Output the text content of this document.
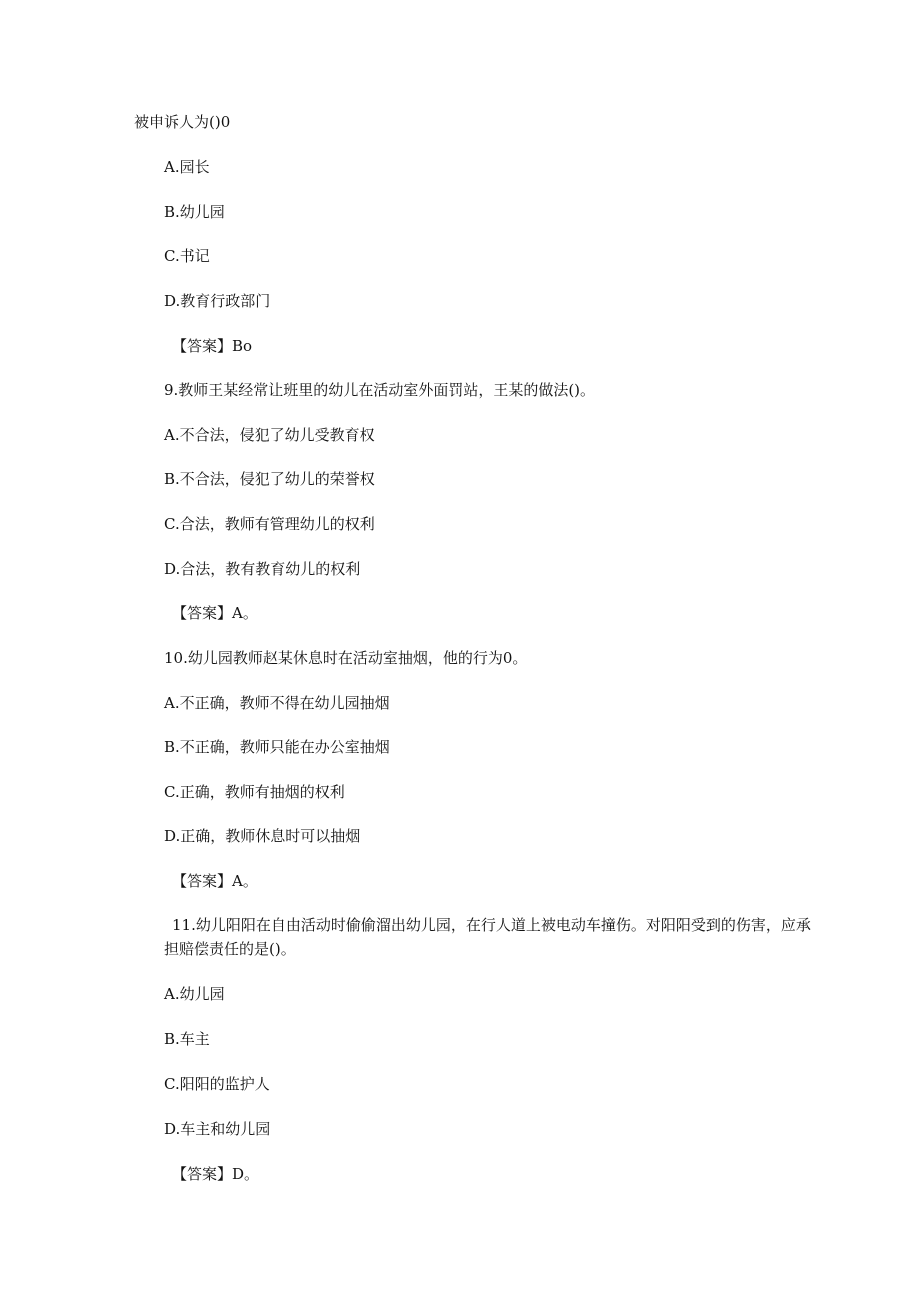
被申诉人为()0
A.园长
B.幼儿园
C.书记
D.教育行政部门
【答案】Bo
9.教师王某经常让班里的幼儿在活动室外面罚站，王某的做法()。
A.不合法，侵犯了幼儿受教育权
B.不合法，侵犯了幼儿的荣誉权
C.合法，教师有管理幼儿的权利
D.合法，教有教育幼儿的权利
【答案】A。
10.幼儿园教师赵某休息时在活动室抽烟，他的行为0。
A.不正确，教师不得在幼儿园抽烟
B.不正确，教师只能在办公室抽烟
C.正确，教师有抽烟的权利
D.正确，教师休息时可以抽烟
【答案】A。
11.幼儿阳阳在自由活动时偷偷溜出幼儿园，在行人道上被电动车撞伤。对阳阳受到的伤害，应承担赔偿责任的是()。
A.幼儿园
B.车主
C.阳阳的监护人
D.车主和幼儿园
【答案】D。
